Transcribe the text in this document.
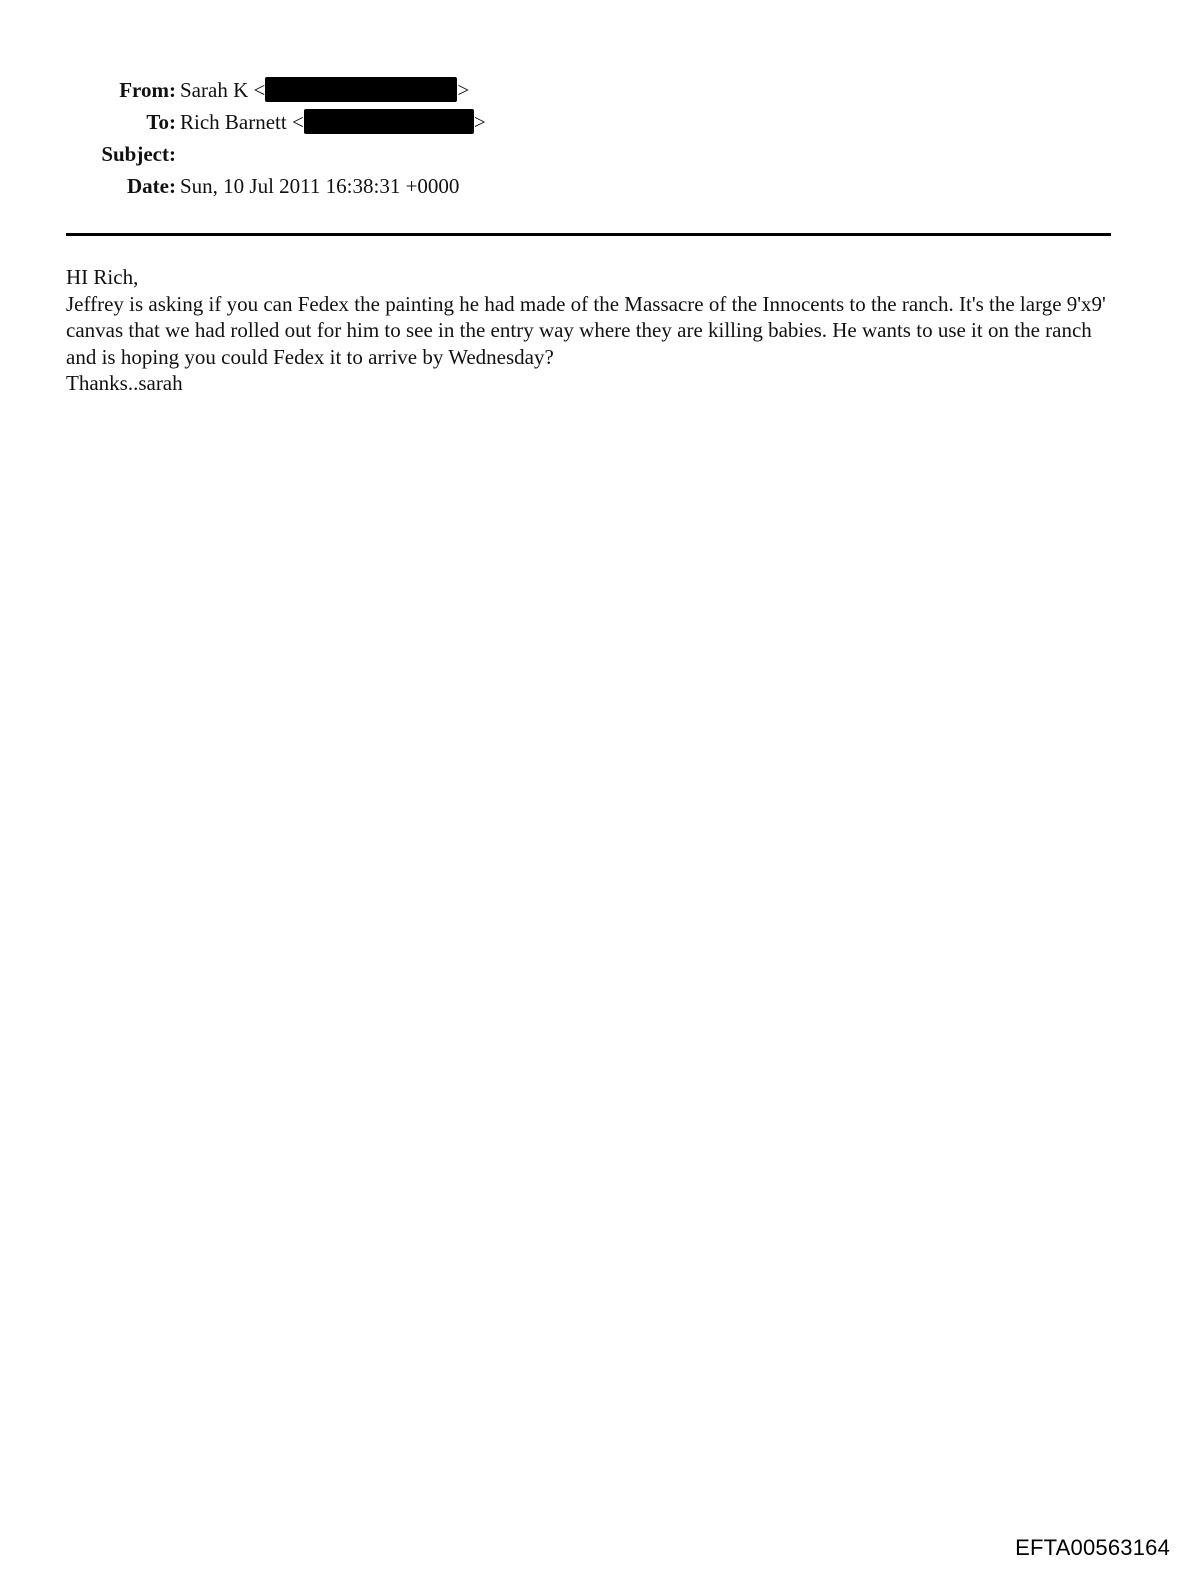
From: Sarah K <	>
To: Rich Barnett <	>
Subject:
Date: Sun, 10 Jul 2011 16:38:31 +0000

HI Rich,

Jeffrey is asking if you can Fedex the painting he had made of the Massacre of the Innocents to the ranch. It's the large 9'x9' canvas that we had rolled out for him to see in the entry way where they are killing babies. He wants to use it on the ranch and is hoping you could Fedex it to arrive by Wednesday?

Thanks..sarah

EFTA00563164
